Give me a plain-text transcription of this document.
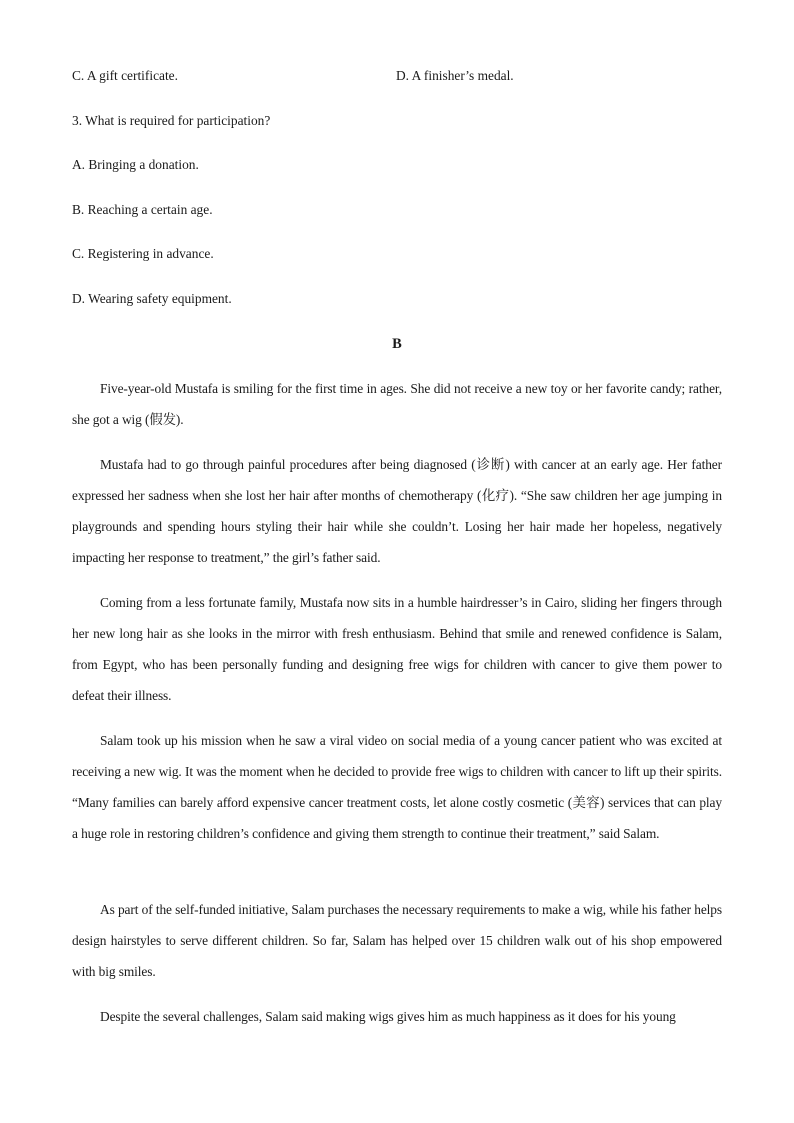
C. A gift certificate.	D. A finisher’s medal.
3. What is required for participation?
A. Bringing a donation.
B. Reaching a certain age.
C. Registering in advance.
D. Wearing safety equipment.
B
Five-year-old Mustafa is smiling for the first time in ages. She did not receive a new toy or her favorite candy; rather, she got a wig (假发).
Mustafa had to go through painful procedures after being diagnosed (诊断) with cancer at an early age. Her father expressed her sadness when she lost her hair after months of chemotherapy (化疗). “She saw children her age jumping in playgrounds and spending hours styling their hair while she couldn’t. Losing her hair made her hopeless, negatively impacting her response to treatment,” the girl’s father said.
Coming from a less fortunate family, Mustafa now sits in a humble hairdresser’s in Cairo, sliding her fingers through her new long hair as she looks in the mirror with fresh enthusiasm. Behind that smile and renewed confidence is Salam, from Egypt, who has been personally funding and designing free wigs for children with cancer to give them power to defeat their illness.
Salam took up his mission when he saw a viral video on social media of a young cancer patient who was excited at receiving a new wig. It was the moment when he decided to provide free wigs to children with cancer to lift up their spirits. “Many families can barely afford expensive cancer treatment costs, let alone costly cosmetic (美容) services that can play a huge role in restoring children’s confidence and giving them strength to continue their treatment,” said Salam.
As part of the self-funded initiative, Salam purchases the necessary requirements to make a wig, while his father helps design hairstyles to serve different children. So far, Salam has helped over 15 children walk out of his shop empowered with big smiles.
Despite the several challenges, Salam said making wigs gives him as much happiness as it does for his young
